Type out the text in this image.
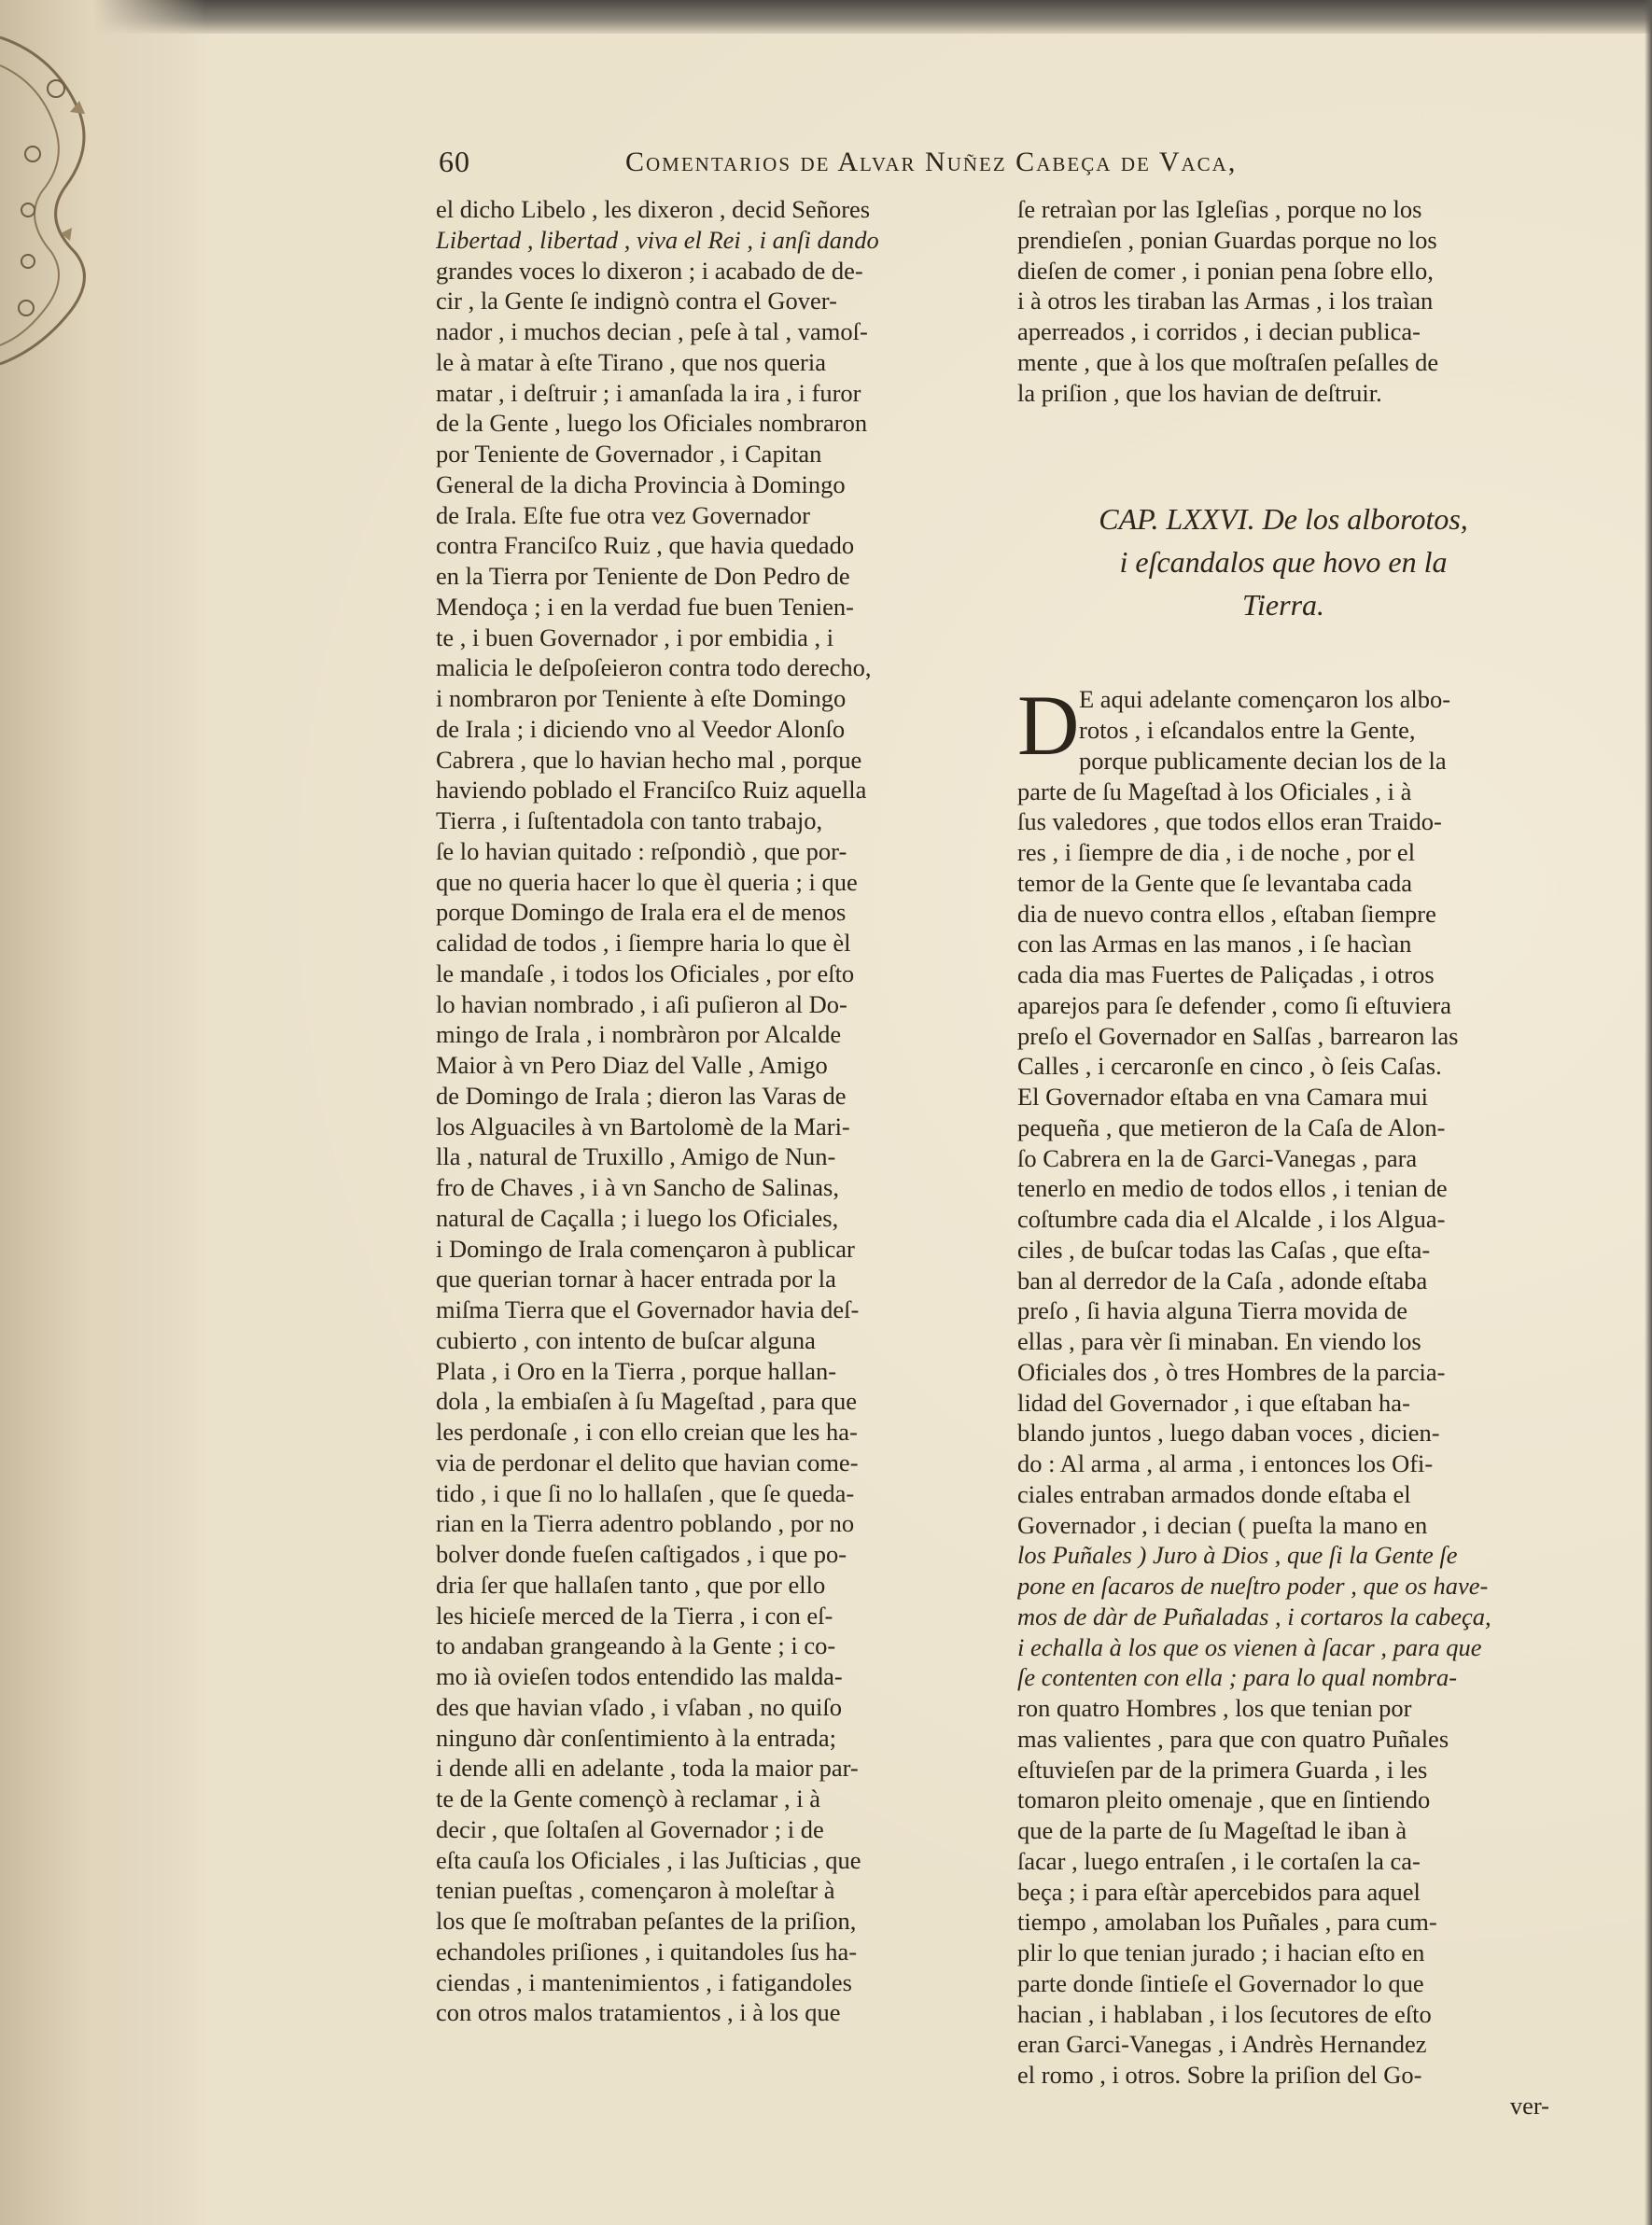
60	Comentarios de Alvar Nuñez Cabeça de Vaca,
el dicho Libelo , les dixeron , decid Señores
Libertad , libertad , viva el Rei , i anſi dando
grandes voces lo dixeron ; i acabado de de-
cir , la Gente ſe indignò contra el Gover-
nador , i muchos decian , peſe à tal , vamoſ-
le à matar à eſte Tirano , que nos queria
matar , i deſtruir ; i amanſada la ira , i furor
de la Gente , luego los Oficiales nombraron
por Teniente de Governador , i Capitan
General de la dicha Provincia à Domingo
de Irala. Eſte fue otra vez Governador
contra Franciſco Ruiz , que havia quedado
en la Tierra por Teniente de Don Pedro de
Mendoça ; i en la verdad fue buen Tenien-
te , i buen Governador , i por embidia , i
malicia le deſpoſeieron contra todo derecho,
i nombraron por Teniente à eſte Domingo
de Irala ; i diciendo vno al Veedor Alonſo
Cabrera , que lo havian hecho mal , porque
haviendo poblado el Franciſco Ruiz aquella
Tierra , i ſuſtentadola con tanto trabajo,
ſe lo havian quitado : reſpondiò , que por-
que no queria hacer lo que èl queria ; i que
porque Domingo de Irala era el de menos
calidad de todos , i ſiempre haria lo que èl
le mandaſe , i todos los Oficiales , por eſto
lo havian nombrado , i aſi puſieron al Do-
mingo de Irala , i nombràron por Alcalde
Maior à vn Pero Diaz del Valle , Amigo
de Domingo de Irala ; dieron las Varas de
los Alguaciles à vn Bartolomè de la Mari-
lla , natural de Truxillo , Amigo de Nun-
fro de Chaves , i à vn Sancho de Salinas,
natural de Caçalla ; i luego los Oficiales,
i Domingo de Irala començaron à publicar
que querian tornar à hacer entrada por la
miſma Tierra que el Governador havia deſ-
cubierto , con intento de buſcar alguna
Plata , i Oro en la Tierra , porque hallan-
dola , la embiaſen à ſu Mageſtad , para que
les perdonaſe , i con ello creian que les ha-
via de perdonar el delito que havian come-
tido , i que ſi no lo hallaſen , que ſe queda-
rian en la Tierra adentro poblando , por no
bolver donde fueſen caſtigados , i que po-
dria ſer que hallaſen tanto , que por ello
les hicieſe merced de la Tierra , i con eſ-
to andaban grangeando à la Gente ; i co-
mo ià ovieſen todos entendido las malda-
des que havian vſado , i vſaban , no quiſo
ninguno dàr conſentimiento à la entrada;
i dende alli en adelante , toda la maior par-
te de la Gente començò à reclamar , i à
decir , que ſoltaſen al Governador ; i de
eſta cauſa los Oficiales , i las Juſticias , que
tenian pueſtas , començaron à moleſtar à
los que ſe moſtraban peſantes de la priſion,
echandoles priſiones , i quitandoles ſus ha-
ciendas , i mantenimientos , i fatigandoles
con otros malos tratamientos , i à los que
ſe retraìan por las Igleſias , porque no los
prendieſen , ponian Guardas porque no los
dieſen de comer , i ponian pena ſobre ello,
i à otros les tiraban las Armas , i los traìan
aperreados , i corridos , i decian publica-
mente , que à los que moſtraſen peſalles de
la priſion , que los havian de deſtruir.
CAP. LXXVI. De los alborotos,
i eſcandalos que hovo en la
Tierra.
D E aqui adelante començaron los albo-
rotos , i eſcandalos entre la Gente,
porque publicamente decian los de la
parte de ſu Mageſtad à los Oficiales , i à
ſus valedores , que todos ellos eran Traido-
res , i ſiempre de dia , i de noche , por el
temor de la Gente que ſe levantaba cada
dia de nuevo contra ellos , eſtaban ſiempre
con las Armas en las manos , i ſe hacìan
cada dia mas Fuertes de Paliçadas , i otros
aparejos para ſe defender , como ſi eſtuviera
preſo el Governador en Salſas , barrearon las
Calles , i cercaronſe en cinco , ò ſeis Caſas.
El Governador eſtaba en vna Camara mui
pequeña , que metieron de la Caſa de Alon-
ſo Cabrera en la de Garci-Vanegas , para
tenerlo en medio de todos ellos , i tenian de
coſtumbre cada dia el Alcalde , i los Algua-
ciles , de buſcar todas las Caſas , que eſta-
ban al derredor de la Caſa , adonde eſtaba
preſo , ſi havia alguna Tierra movida de
ellas , para vèr ſi minaban. En viendo los
Oficiales dos , ò tres Hombres de la parcia-
lidad del Governador , i que eſtaban ha-
blando juntos , luego daban voces , dicien-
do : Al arma , al arma , i entonces los Ofi-
ciales entraban armados donde eſtaba el
Governador , i decian ( pueſta la mano en
los Puñales ) Juro à Dios , que ſi la Gente ſe
pone en ſacaros de nueſtro poder , que os have-
mos de dàr de Puñaladas , i cortaros la cabeça,
i echalla à los que os vienen à ſacar , para que
ſe contenten con ella ; para lo qual nombra-
ron quatro Hombres , los que tenian por
mas valientes , para que con quatro Puñales
eſtuvieſen par de la primera Guarda , i les
tomaron pleito omenaje , que en ſintiendo
que de la parte de ſu Mageſtad le iban à
ſacar , luego entraſen , i le cortaſen la ca-
beça ; i para eſtàr apercebidos para aquel
tiempo , amolaban los Puñales , para cum-
plir lo que tenian jurado ; i hacian eſto en
parte donde ſintieſe el Governador lo que
hacian , i hablaban , i los ſecutores de eſto
eran Garci-Vanegas , i Andrès Hernandez
el romo , i otros. Sobre la priſion del Go-
ver-
